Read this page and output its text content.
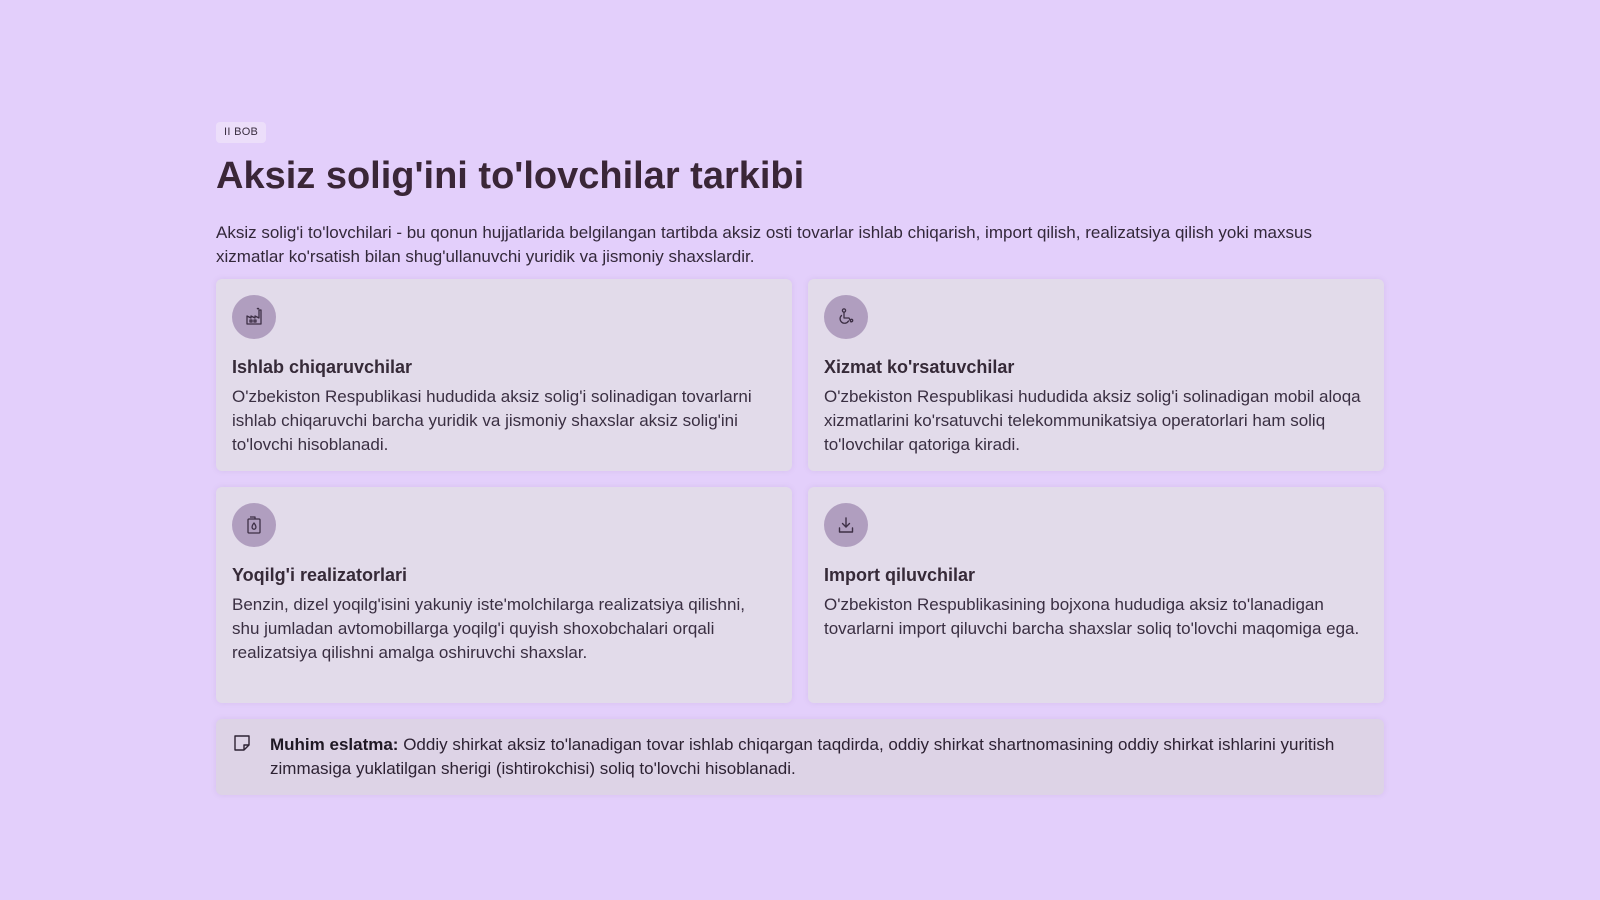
II BOB
Aksiz solig'ini to'lovchilar tarkibi

Aksiz solig'i to'lovchilari - bu qonun hujjatlarida belgilangan tartibda aksiz osti tovarlar ishlab chiqarish, import qilish, realizatsiya qilish yoki maxsus xizmatlar ko'rsatish bilan shug'ullanuvchi yuridik va jismoniy shaxslardir.

Ishlab chiqaruvchilar

O'zbekiston Respublikasi hududida aksiz solig'i solinadigan tovarlarni ishlab chiqaruvchi barcha yuridik va jismoniy shaxslar aksiz solig'ini to'lovchi hisoblanadi.

Xizmat ko'rsatuvchilar

O'zbekiston Respublikasi hududida aksiz solig'i solinadigan mobil aloqa xizmatlarini ko'rsatuvchi telekommunikatsiya operatorlari ham soliq to'lovchilar qatoriga kiradi.

Yoqilg'i realizatorlari

Benzin, dizel yoqilg'isini yakuniy iste'molchilarga realizatsiya qilishni, shu jumladan avtomobillarga yoqilg'i quyish shoxobchalari orqali realizatsiya qilishni amalga oshiruvchi shaxslar.

Import qiluvchilar

O'zbekiston Respublikasining bojxona hududiga aksiz to'lanadigan tovarlarni import qiluvchi barcha shaxslar soliq to'lovchi maqomiga ega.

Muhim eslatma: Oddiy shirkat aksiz to'lanadigan tovar ishlab chiqargan taqdirda, oddiy shirkat shartnomasining oddiy shirkat ishlarini yuritish zimmasiga yuklatilgan sherigi (ishtirokchisi) soliq to'lovchi hisoblanadi.
